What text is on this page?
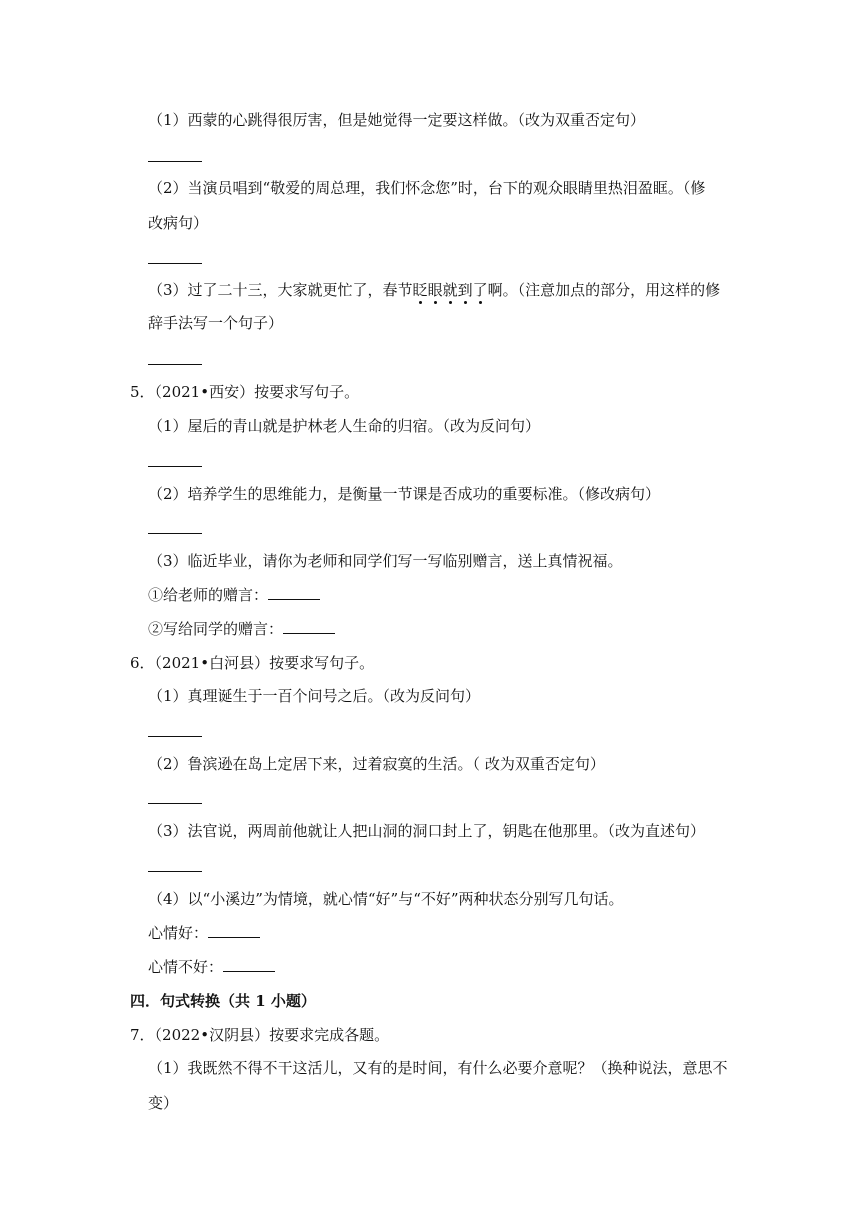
（1）西蒙的心跳得很厉害，但是她觉得一定要这样做。（改为双重否定句）
（2）当演员唱到“敬爱的周总理，我们怀念您”时，台下的观众眼睛里热泪盈眶。（修
改病句）
（3）过了二十三，大家就更忙了，春节眨眼就到了啊。（注意加点的部分，用这样的修
辞手法写一个句子）
5．（2021•西安）按要求写句子。
（1）屋后的青山就是护林老人生命的归宿。（改为反问句）
（2）培养学生的思维能力，是衡量一节课是否成功的重要标准。（修改病句）
（3）临近毕业，请你为老师和同学们写一写临别赠言，送上真情祝福。
①给老师的赠言：
②写给同学的赠言：
6．（2021•白河县）按要求写句子。
（1）真理诞生于一百个问号之后。（改为反问句）
（2）鲁滨逊在岛上定居下来，过着寂寞的生活。（ 改为双重否定句）
（3）法官说，两周前他就让人把山洞的洞口封上了，钥匙在他那里。（改为直述句）
（4）以“小溪边”为情境，就心情“好”与“不好”两种状态分别写几句话。
心情好：
心情不好：
四．句式转换（共 1 小题）
7．（2022•汉阴县）按要求完成各题。
（1）我既然不得不干这活儿，又有的是时间，有什么必要介意呢？（换种说法，意思不
变）
